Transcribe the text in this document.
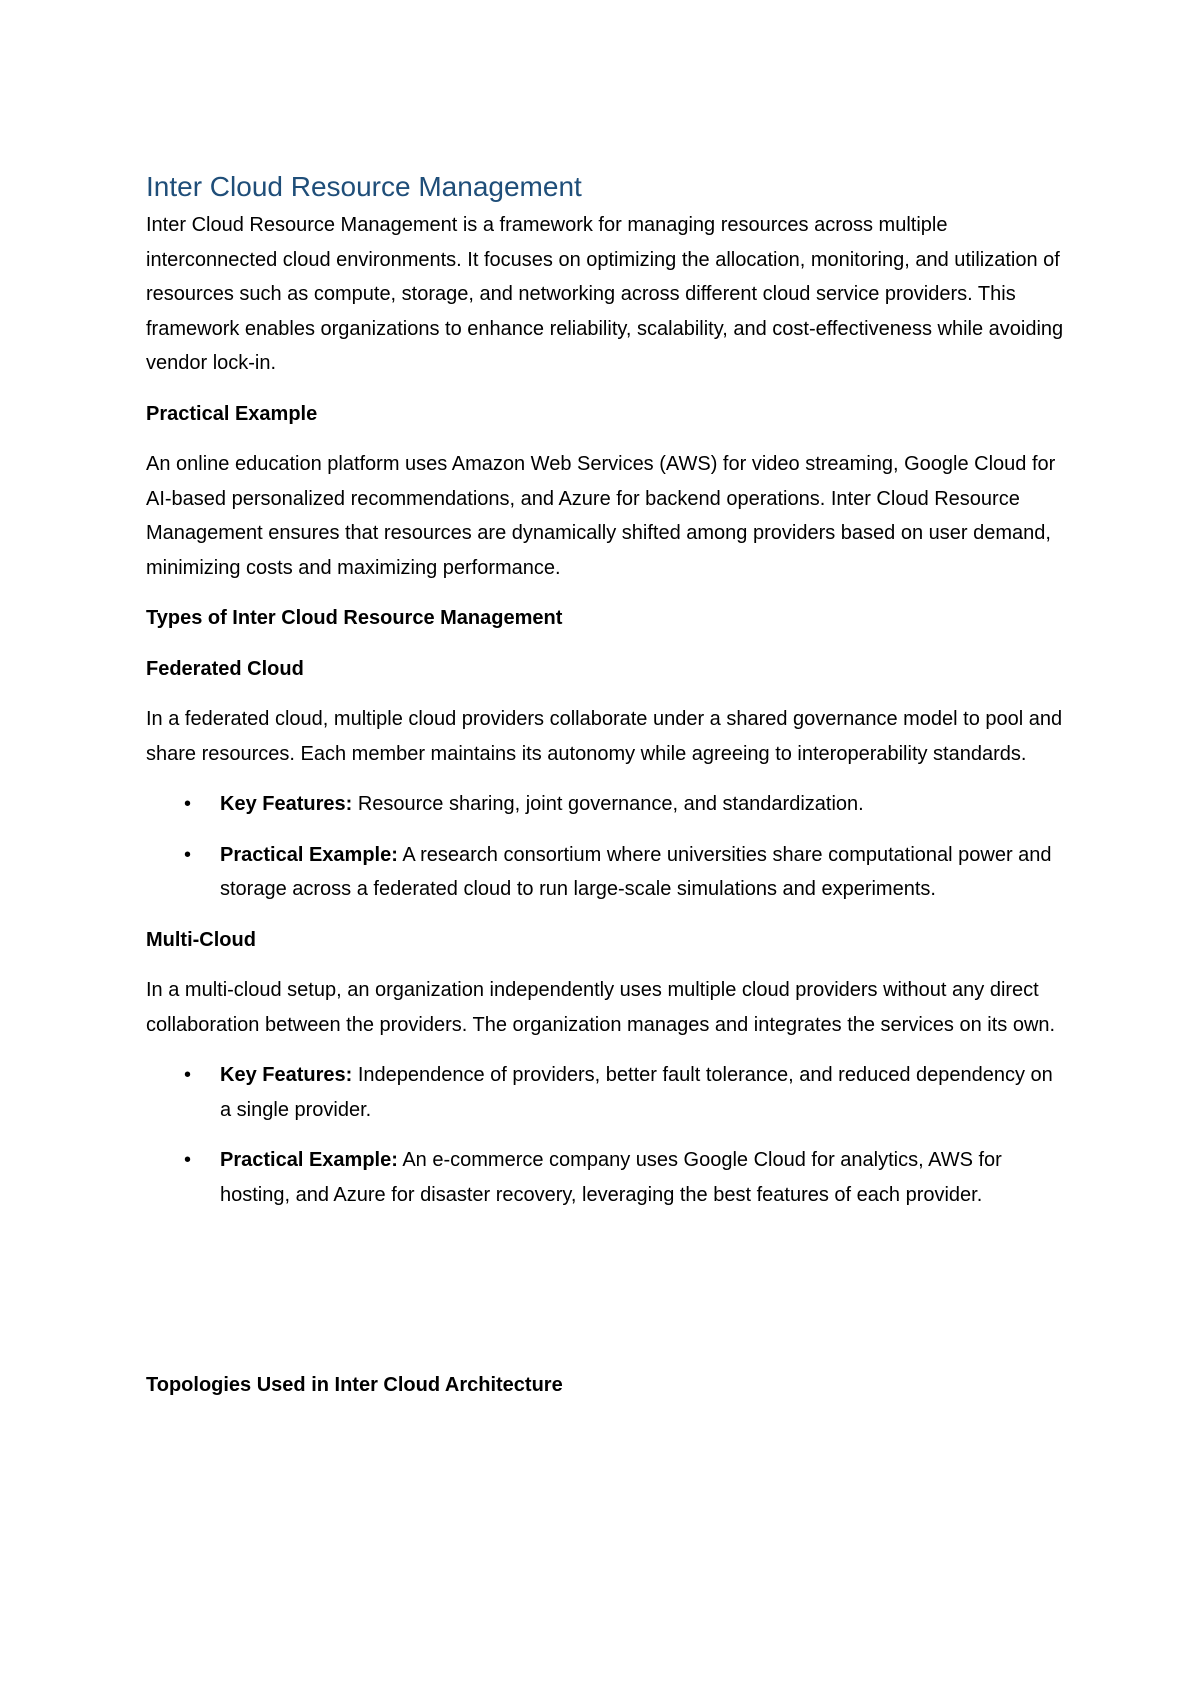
Inter Cloud Resource Management

Inter Cloud Resource Management is a framework for managing resources across multiple interconnected cloud environments. It focuses on optimizing the allocation, monitoring, and utilization of resources such as compute, storage, and networking across different cloud service providers. This framework enables organizations to enhance reliability, scalability, and cost-effectiveness while avoiding vendor lock-in.

Practical Example

An online education platform uses Amazon Web Services (AWS) for video streaming, Google Cloud for AI-based personalized recommendations, and Azure for backend operations. Inter Cloud Resource Management ensures that resources are dynamically shifted among providers based on user demand, minimizing costs and maximizing performance.

Types of Inter Cloud Resource Management
Federated Cloud

In a federated cloud, multiple cloud providers collaborate under a shared governance model to pool and share resources. Each member maintains its autonomy while agreeing to interoperability standards.

• Key Features: Resource sharing, joint governance, and standardization.
• Practical Example: A research consortium where universities share computational power and storage across a federated cloud to run large-scale simulations and experiments.
Multi-Cloud

In a multi-cloud setup, an organization independently uses multiple cloud providers without any direct collaboration between the providers. The organization manages and integrates the services on its own.

• Key Features: Independence of providers, better fault tolerance, and reduced dependency on a single provider.
• Practical Example: An e-commerce company uses Google Cloud for analytics, AWS for hosting, and Azure for disaster recovery, leveraging the best features of each provider.
Topologies Used in Inter Cloud Architecture
